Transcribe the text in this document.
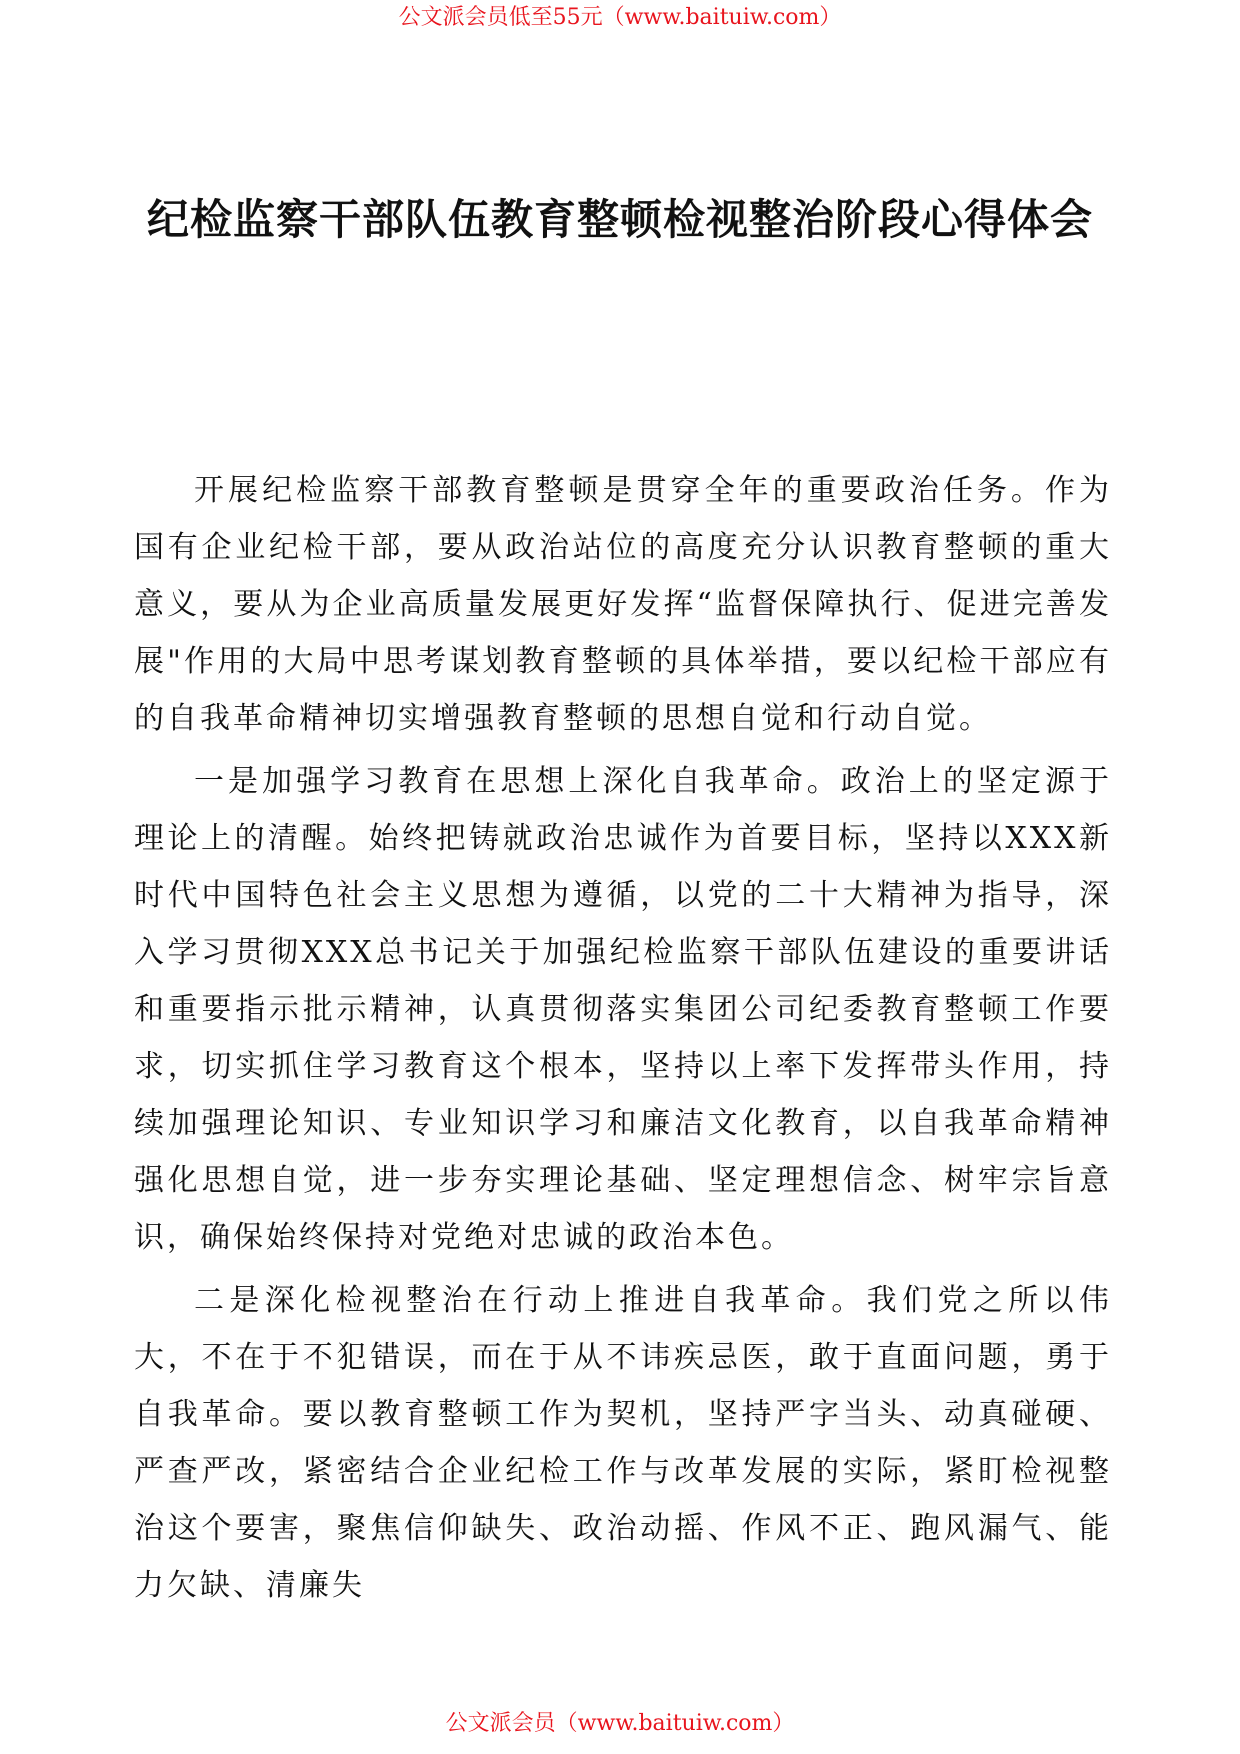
公文派会员低至55元（www.baituiw.com）
纪检监察干部队伍教育整顿检视整治阶段心得体会

开展纪检监察干部教育整顿是贯穿全年的重要政治任务。作为国有企业纪检干部，要从政治站位的高度充分认识教育整顿的重大意义，要从为企业高质量发展更好发挥“监督保障执行、促进完善发展"作用的大局中思考谋划教育整顿的具体举措，要以纪检干部应有的自我革命精神切实增强教育整顿的思想自觉和行动自觉。

一是加强学习教育在思想上深化自我革命。政治上的坚定源于理论上的清醒。始终把铸就政治忠诚作为首要目标，坚持以XXX新时代中国特色社会主义思想为遵循，以党的二十大精神为指导，深入学习贯彻XXX总书记关于加强纪检监察干部队伍建设的重要讲话和重要指示批示精神，认真贯彻落实集团公司纪委教育整顿工作要求，切实抓住学习教育这个根本，坚持以上率下发挥带头作用，持续加强理论知识、专业知识学习和廉洁文化教育，以自我革命精神强化思想自觉，进一步夯实理论基础、坚定理想信念、树牢宗旨意识，确保始终保持对党绝对忠诚的政治本色。

二是深化检视整治在行动上推进自我革命。我们党之所以伟大，不在于不犯错误，而在于从不讳疾忌医，敢于直面问题，勇于自我革命。要以教育整顿工作为契机，坚持严字当头、动真碰硬、严查严改，紧密结合企业纪检工作与改革发展的实际，紧盯检视整治这个要害，聚焦信仰缺失、政治动摇、作风不正、跑风漏气、能力欠缺、清廉失

公文派会员（www.baituiw.com）
